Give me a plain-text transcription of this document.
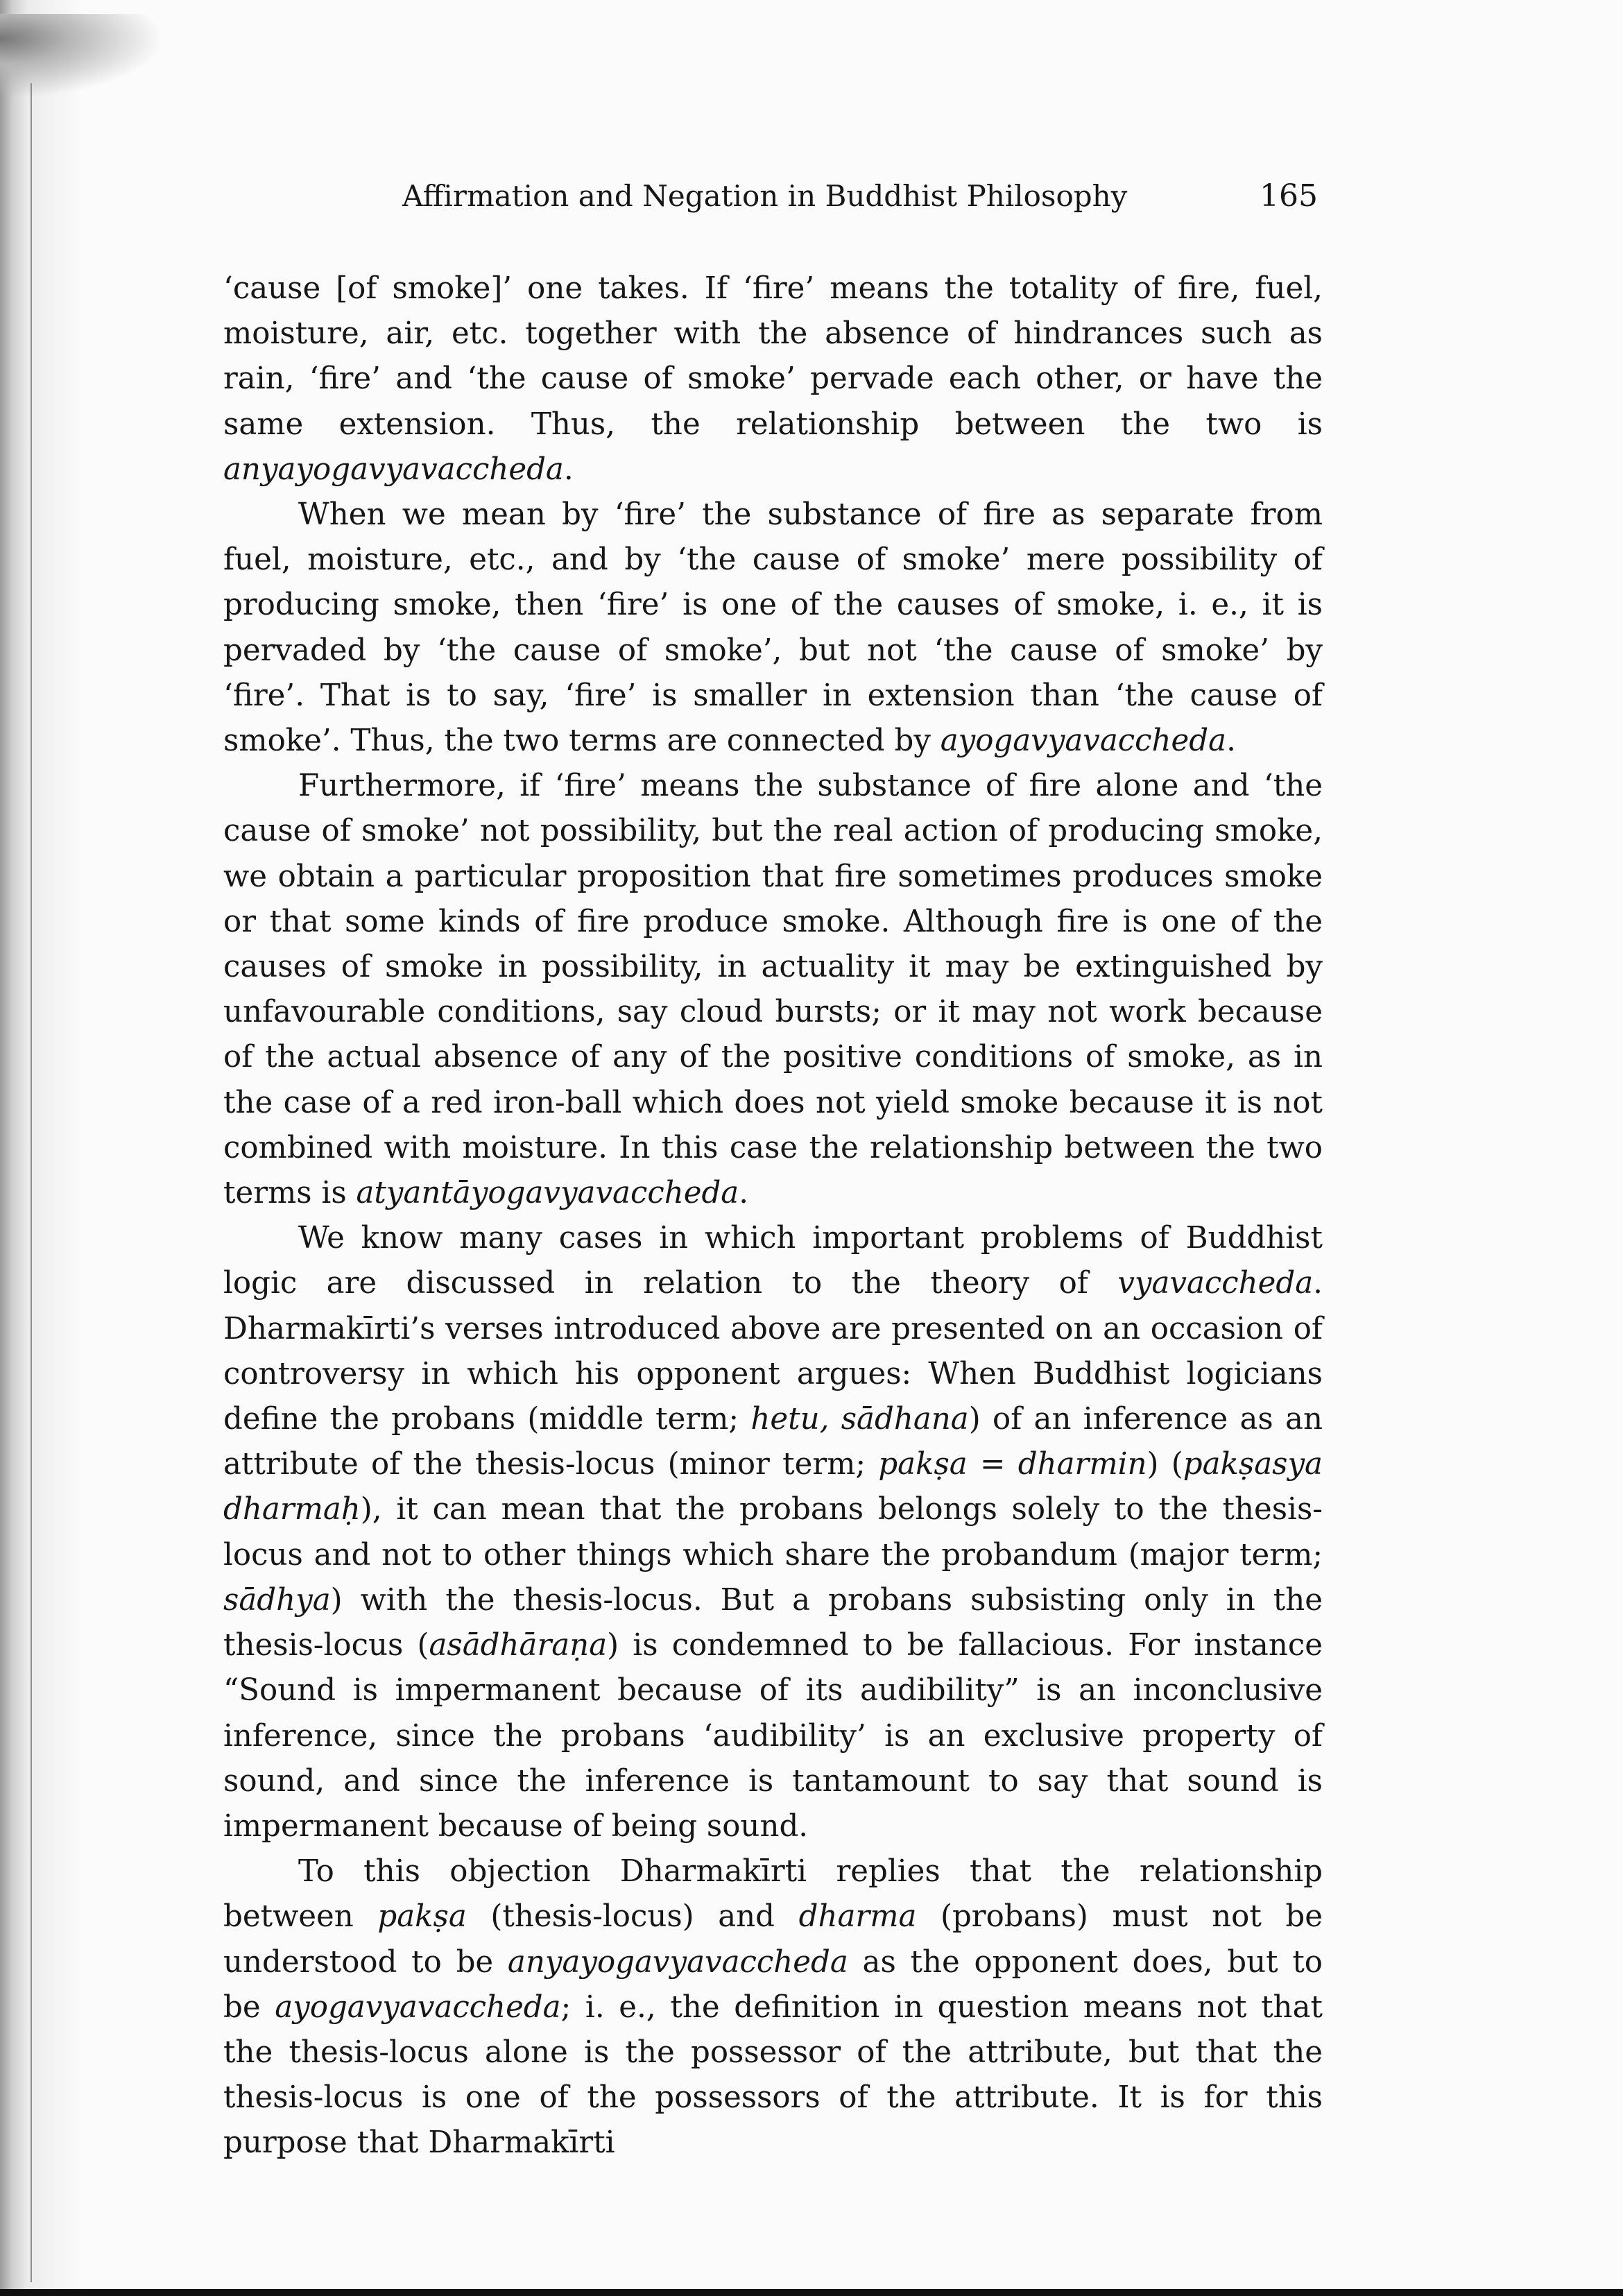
Affirmation and Negation in Buddhist Philosophy	165

‘cause [of smoke]’ one takes. If ‘fire’ means the totality of fire, fuel, moisture, air, etc. together with the absence of hindrances such as rain, ‘fire’ and ‘the cause of smoke’ pervade each other, or have the same extension. Thus, the relationship between the two is anyayogavyavaccheda.

When we mean by ‘fire’ the substance of fire as separate from fuel, moisture, etc., and by ‘the cause of smoke’ mere possibility of producing smoke, then ‘fire’ is one of the causes of smoke, i. e., it is pervaded by ‘the cause of smoke’, but not ‘the cause of smoke’ by ‘fire’. That is to say, ‘fire’ is smaller in extension than ‘the cause of smoke’. Thus, the two terms are connected by ayogavyavaccheda.

Furthermore, if ‘fire’ means the substance of fire alone and ‘the cause of smoke’ not possibility, but the real action of producing smoke, we obtain a particular proposition that fire sometimes produces smoke or that some kinds of fire produce smoke. Although fire is one of the causes of smoke in possibility, in actuality it may be extinguished by unfavourable conditions, say cloud bursts; or it may not work because of the actual absence of any of the positive conditions of smoke, as in the case of a red iron-ball which does not yield smoke because it is not combined with moisture. In this case the relationship between the two terms is atyantāyogavyavaccheda.

We know many cases in which important problems of Buddhist logic are discussed in relation to the theory of vyavaccheda. Dharmakīrti’s verses introduced above are presented on an occasion of controversy in which his opponent argues: When Buddhist logicians define the probans (middle term; hetu, sādhana) of an inference as an attribute of the thesis-locus (minor term; pakṣa = dharmin) (pakṣasya dharmaḥ), it can mean that the probans belongs solely to the thesis-locus and not to other things which share the probandum (major term; sādhya) with the thesis-locus. But a probans subsisting only in the thesis-locus (asādhāraṇa) is condemned to be fallacious. For instance “Sound is impermanent because of its audibility” is an inconclusive inference, since the probans ‘audibility’ is an exclusive property of sound, and since the inference is tantamount to say that sound is impermanent because of being sound.

To this objection Dharmakīrti replies that the relationship between pakṣa (thesis-locus) and dharma (probans) must not be understood to be anyayogavyavaccheda as the opponent does, but to be ayogavyavaccheda; i. e., the definition in question means not that the thesis-locus alone is the possessor of the attribute, but that the thesis-locus is one of the possessors of the attribute. It is for this purpose that Dharmakīrti
